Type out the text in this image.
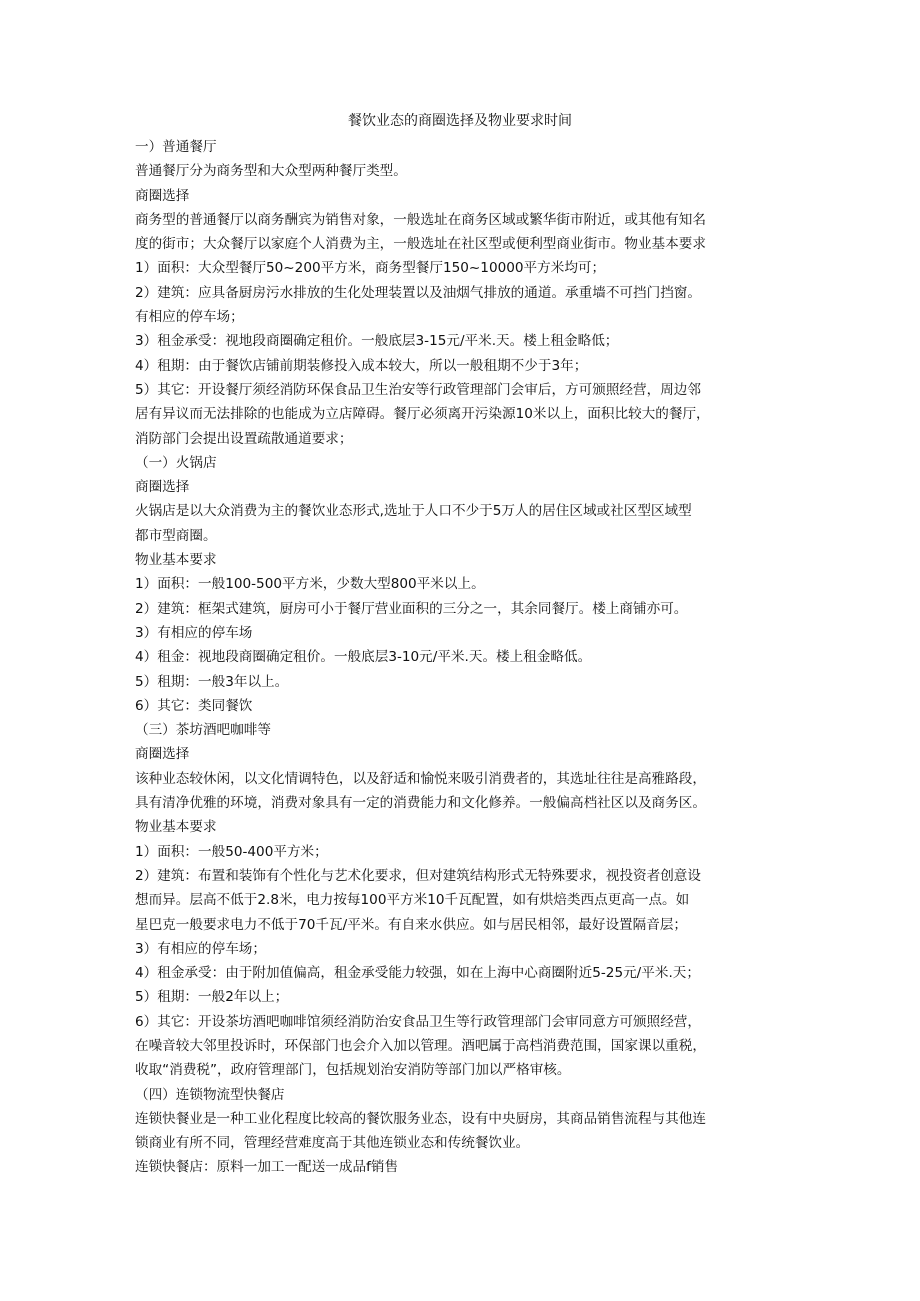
餐饮业态的商圈选择及物业要求时间
一）普通餐厅
普通餐厅分为商务型和大众型两种餐厅类型。
商圈选择
商务型的普通餐厅以商务酬宾为销售对象，一般选址在商务区域或繁华街市附近，或其他有知名
度的街市；大众餐厅以家庭个人消费为主，一般选址在社区型或便利型商业街市。物业基本要求
1）面积：大众型餐厅50~200平方米，商务型餐厅150~10000平方米均可；
2）建筑：应具备厨房污水排放的生化处理装置以及油烟气排放的通道。承重墙不可挡门挡窗。
有相应的停车场；
3）租金承受：视地段商圈确定租价。一般底层3-15元/平米.天。楼上租金略低；
4）租期：由于餐饮店铺前期装修投入成本较大，所以一般租期不少于3年；
5）其它：开设餐厅须经消防环保食品卫生治安等行政管理部门会审后，方可颁照经营，周边邻
居有异议而无法排除的也能成为立店障碍。餐厅必须离开污染源10米以上，面积比较大的餐厅，
消防部门会提出设置疏散通道要求；
（一）火锅店
商圈选择
火锅店是以大众消费为主的餐饮业态形式,选址于人口不少于5万人的居住区域或社区型区域型
都市型商圈。
物业基本要求
1）面积：一般100-500平方米，少数大型800平米以上。
2）建筑：框架式建筑，厨房可小于餐厅营业面积的三分之一，其余同餐厅。楼上商铺亦可。
3）有相应的停车场
4）租金：视地段商圈确定租价。一般底层3-10元/平米.天。楼上租金略低。
5）租期：一般3年以上。
6）其它：类同餐饮
（三）茶坊酒吧咖啡等
商圈选择
该种业态较休闲，以文化情调特色，以及舒适和愉悦来吸引消费者的，其选址往往是高雅路段，
具有清净优雅的环境，消费对象具有一定的消费能力和文化修养。一般偏高档社区以及商务区。
物业基本要求
1）面积：一般50-400平方米；
2）建筑：布置和装饰有个性化与艺术化要求，但对建筑结构形式无特殊要求，视投资者创意设
想而异。层高不低于2.8米，电力按每100平方米10千瓦配置，如有烘焙类西点更高一点。如
星巴克一般要求电力不低于70千瓦/平米。有自来水供应。如与居民相邻，最好设置隔音层；
3）有相应的停车场；
4）租金承受：由于附加值偏高，租金承受能力较强，如在上海中心商圈附近5-25元/平米.天；
5）租期：一般2年以上；
6）其它：开设茶坊酒吧咖啡馆须经消防治安食品卫生等行政管理部门会审同意方可颁照经营，
在噪音较大邻里投诉时，环保部门也会介入加以管理。酒吧属于高档消费范围，国家课以重税，
收取“消费税”，政府管理部门，包括规划治安消防等部门加以严格审核。
（四）连锁物流型快餐店
连锁快餐业是一种工业化程度比较高的餐饮服务业态，设有中央厨房，其商品销售流程与其他连
锁商业有所不同，管理经营难度高于其他连锁业态和传统餐饮业。
连锁快餐店：原料一加工一配送一成品f销售
